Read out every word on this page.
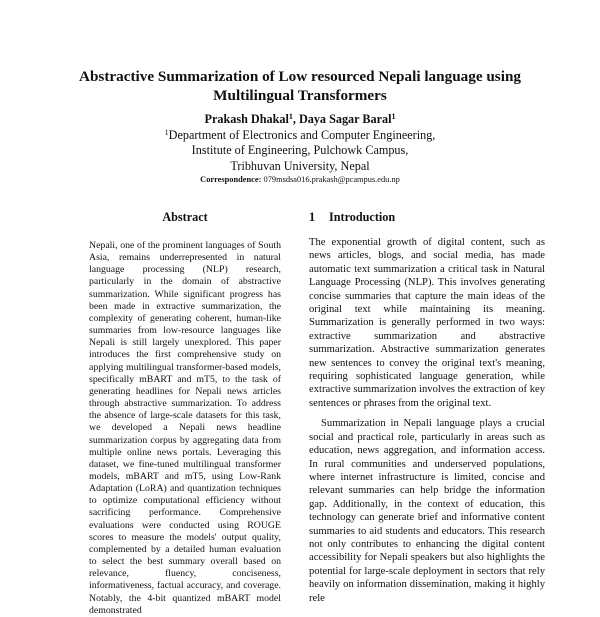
Abstractive Summarization of Low resourced Nepali language using Multilingual Transformers
Prakash Dhakal$^1$, Daya Sagar Baral$^1$
$^1$Department of Electronics and Computer Engineering,
Institute of Engineering, Pulchowk Campus,
Tribhuvan University, Nepal
Correspondence: 079msdsa016.prakash@pcampus.edu.np
Abstract

Nepali, one of the prominent languages of South Asia, remains underrepresented in natural language processing (NLP) research, particularly in the domain of abstractive summarization. While significant progress has been made in extractive summarization, the complexity of generating coherent, human-like summaries from low-resource languages like Nepali is still largely unexplored. This paper introduces the first comprehensive study on applying multilingual transformer-based models, specifically mBART and mT5, to the task of generating headlines for Nepali news articles through abstractive summarization. To address the absence of large-scale datasets for this task, we developed a Nepali news headline summarization corpus by aggregating data from multiple online news portals. Leveraging this dataset, we fine-tuned multilingual transformer models, mBART and mT5, using Low-Rank Adaptation (LoRA) and quantization techniques to optimize computational efficiency without sacrificing performance. Comprehensive evaluations were conducted using ROUGE scores to measure the models' output quality, complemented by a detailed human evaluation to select the best summary overall based on relevance, fluency, conciseness, informativeness, factual accuracy, and coverage. Notably, the 4-bit quantized mBART model demonstrated

1 Introduction

The exponential growth of digital content, such as news articles, blogs, and social media, has made automatic text summarization a critical task in Natural Language Processing (NLP). This involves generating concise summaries that capture the main ideas of the original text while maintaining its meaning. Summarization is generally performed in two ways: extractive summarization and abstractive summarization. Abstractive summarization generates new sentences to convey the original text's meaning, requiring sophisticated language generation, while extractive summarization involves the extraction of key sentences or phrases from the original text.

Summarization in Nepali language plays a crucial social and practical role, particularly in areas such as education, news aggregation, and information access. In rural communities and underserved populations, where internet infrastructure is limited, concise and relevant summaries can help bridge the information gap. Additionally, in the context of education, this technology can generate brief and informative content summaries to aid students and educators. This research not only contributes to enhancing the digital content accessibility for Nepali speakers but also highlights the potential for large-scale deployment in sectors that rely heavily on information dissemination, making it highly rele
